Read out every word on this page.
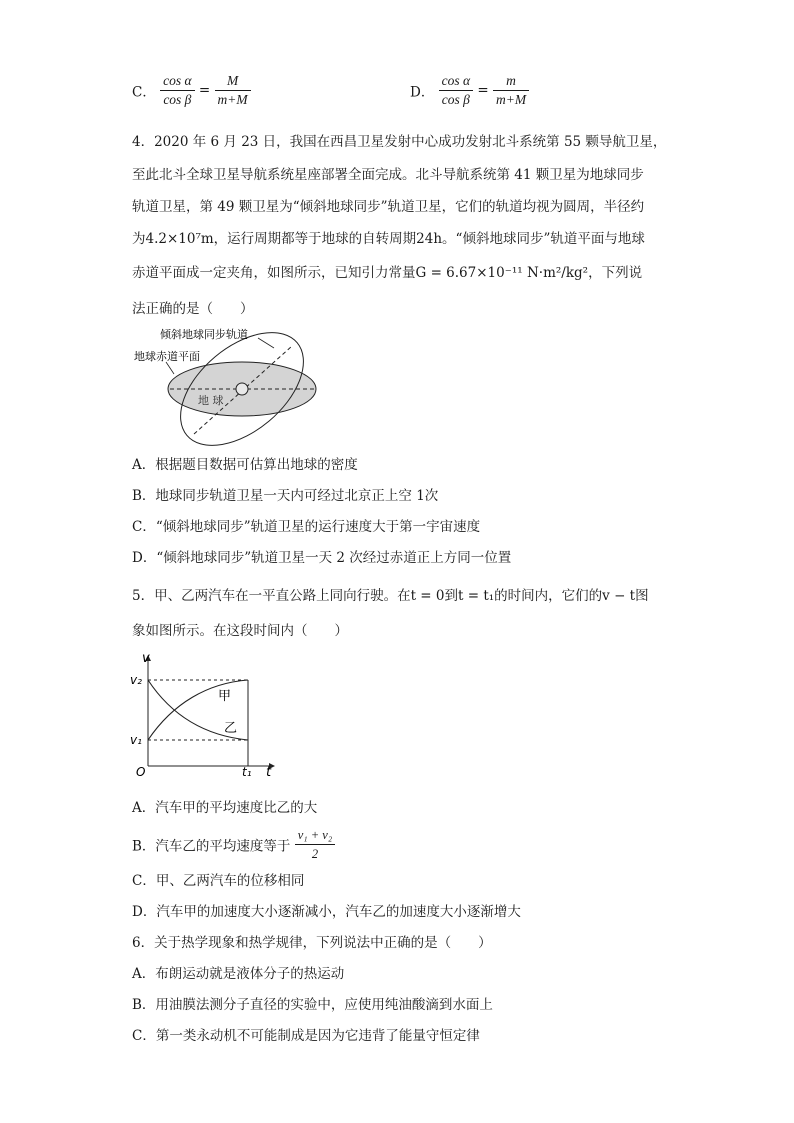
C． $\frac{\text{cos α}}{\text{cos β}} = \frac{M}{m+M}$	D． $\frac{\text{cos α}}{\text{cos β}} = \frac{m}{m+M}$
4．2020 年 6 月 23 日，我国在西昌卫星发射中心成功发射北斗系统第 55 颗导航卫星，
至此北斗全球卫星导航系统星座部署全面完成。北斗导航系统第 41 颗卫星为地球同步
轨道卫星，第 49 颗卫星为“倾斜地球同步”轨道卫星，它们的轨道均视为圆周，半径约
为4.2×10⁷m，运行周期都等于地球的自转周期24h。“倾斜地球同步”轨道平面与地球
赤道平面成一定夹角，如图所示，已知引力常量G = 6.67×10⁻¹¹ N·m²/kg²，下列说
法正确的是（　　）
倾斜地球同步轨道
地球赤道平面
地 球
A．根据题目数据可估算出地球的密度
B．地球同步轨道卫星一天内可经过北京正上空 1次
C．“倾斜地球同步”轨道卫星的运行速度大于第一宇宙速度
D．“倾斜地球同步”轨道卫星一天 2 次经过赤道正上方同一位置
5．甲、乙两汽车在一平直公路上同向行驶。在t = 0到t = t₁的时间内，它们的v − t图
象如图所示。在这段时间内（　　）
v
t
O
v₂
v₁
t₁
甲
乙
A．汽车甲的平均速度比乙的大
B．汽车乙的平均速度等于 $\frac{\text{v₁ + v₂}}{2}$
C．甲、乙两汽车的位移相同
D．汽车甲的加速度大小逐渐减小，汽车乙的加速度大小逐渐增大
6．关于热学现象和热学规律，下列说法中正确的是（　　）
A．布朗运动就是液体分子的热运动
B．用油膜法测分子直径的实验中，应使用纯油酸滴到水面上
C．第一类永动机不可能制成是因为它违背了能量守恒定律
